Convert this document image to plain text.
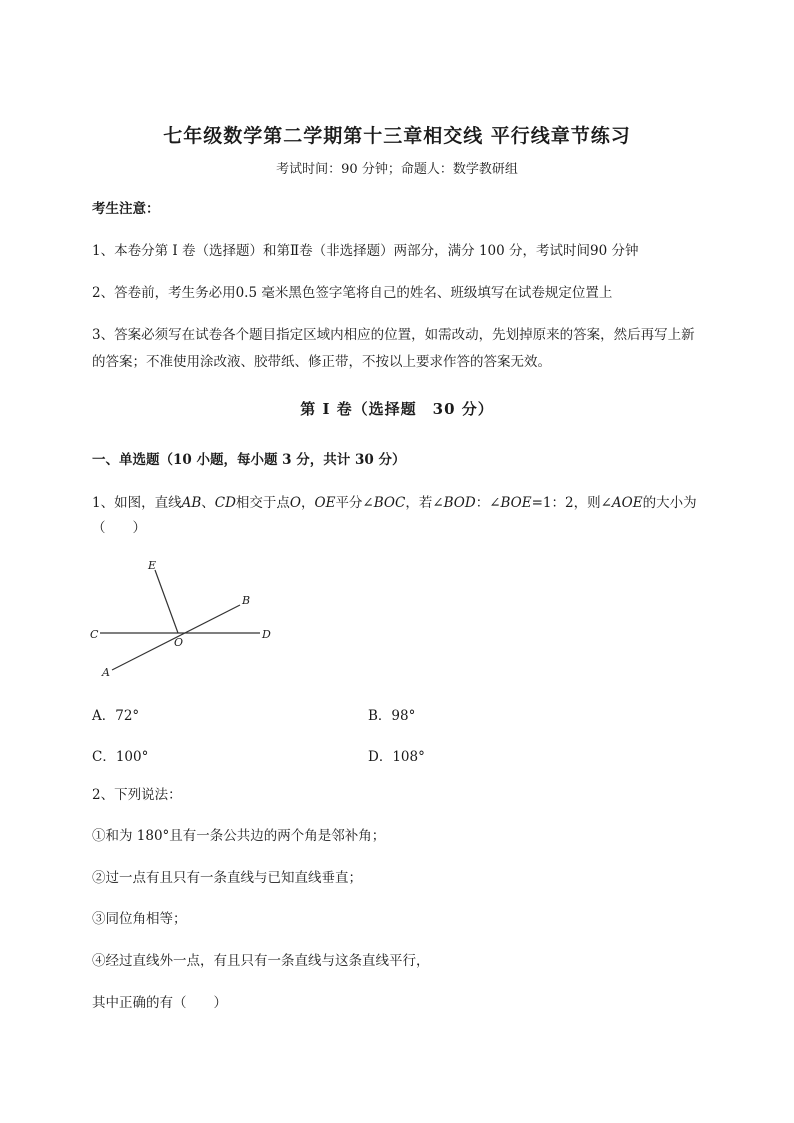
七年级数学第二学期第十三章相交线 平行线章节练习
考试时间：90 分钟；命题人：数学教研组
考生注意：
1、本卷分第 I 卷（选择题）和第Ⅱ卷（非选择题）两部分，满分 100 分，考试时间90 分钟
2、答卷前，考生务必用0.5 毫米黑色签字笔将自己的姓名、班级填写在试卷规定位置上
3、答案必须写在试卷各个题目指定区域内相应的位置，如需改动，先划掉原来的答案，然后再写上新
的答案；不准使用涂改液、胶带纸、修正带，不按以上要求作答的答案无效。
第 I 卷（选择题　30 分）
一、单选题（10 小题，每小题 3 分，共计 30 分）
1、如图，直线AB、CD相交于点O，OE平分∠BOC，若∠BOD：∠BOE=1：2，则∠AOE的大小为
（　　）
E
B
C
O
D
A
A．72°	B．98°
C．100°	D．108°
2、下列说法：
①和为 180°且有一条公共边的两个角是邻补角；
②过一点有且只有一条直线与已知直线垂直；
③同位角相等；
④经过直线外一点，有且只有一条直线与这条直线平行，
其中正确的有（　　）
